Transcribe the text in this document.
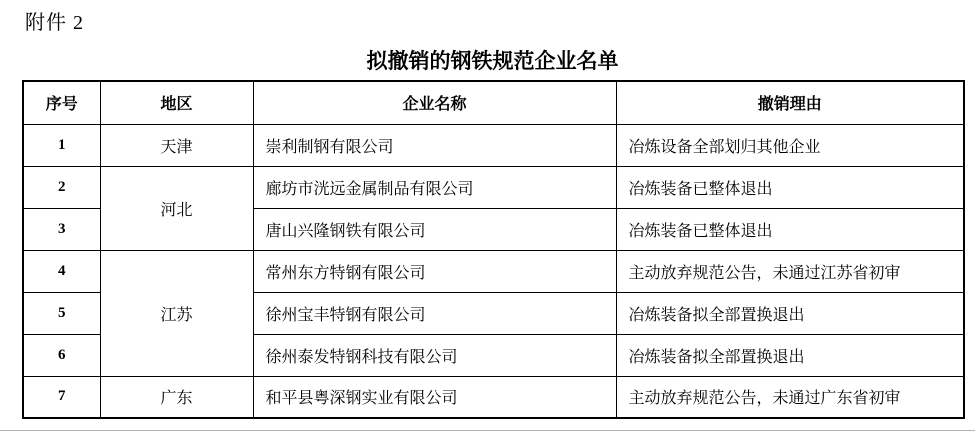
附件 2
拟撤销的钢铁规范企业名单
序号	地区	企业名称	撤销理由
1	天津	崇利制钢有限公司	冶炼设备全部划归其他企业
2	河北	廊坊市洸远金属制品有限公司	冶炼装备已整体退出
3		唐山兴隆钢铁有限公司	冶炼装备已整体退出
4	江苏	常州东方特钢有限公司	主动放弃规范公告，未通过江苏省初审
5		徐州宝丰特钢有限公司	冶炼装备拟全部置换退出
6		徐州泰发特钢科技有限公司	冶炼装备拟全部置换退出
7	广东	和平县粤深钢实业有限公司	主动放弃规范公告，未通过广东省初审
